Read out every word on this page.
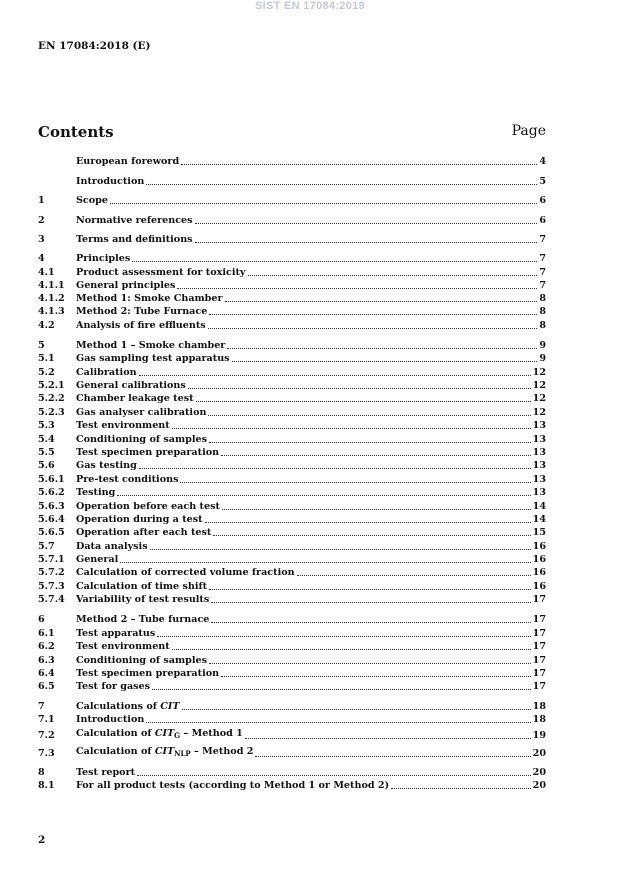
SIST EN 17084:2019
EN 17084:2018 (E)
Contents	Page
European foreword	4
Introduction	5
1	Scope	6
2	Normative references	6
3	Terms and definitions	7
4	Principles	7
4.1	Product assessment for toxicity	7
4.1.1	General principles	7
4.1.2	Method 1: Smoke Chamber	8
4.1.3	Method 2: Tube Furnace	8
4.2	Analysis of fire effluents	8
5	Method 1 – Smoke chamber	9
5.1	Gas sampling test apparatus	9
5.2	Calibration	12
5.2.1	General calibrations	12
5.2.2	Chamber leakage test	12
5.2.3	Gas analyser calibration	12
5.3	Test environment	13
5.4	Conditioning of samples	13
5.5	Test specimen preparation	13
5.6	Gas testing	13
5.6.1	Pre-test conditions	13
5.6.2	Testing	13
5.6.3	Operation before each test	14
5.6.4	Operation during a test	14
5.6.5	Operation after each test	15
5.7	Data analysis	16
5.7.1	General	16
5.7.2	Calculation of corrected volume fraction	16
5.7.3	Calculation of time shift	16
5.7.4	Variability of test results	17
6	Method 2 – Tube furnace	17
6.1	Test apparatus	17
6.2	Test environment	17
6.3	Conditioning of samples	17
6.4	Test specimen preparation	17
6.5	Test for gases	17
7	Calculations of CIT	18
7.1	Introduction	18
7.2	Calculation of $CIT_G$ – Method 1	19
7.3	Calculation of $CIT_{NLP}$ – Method 2	20
8	Test report	20
8.1	For all product tests (according to Method 1 or Method 2)	20
2
